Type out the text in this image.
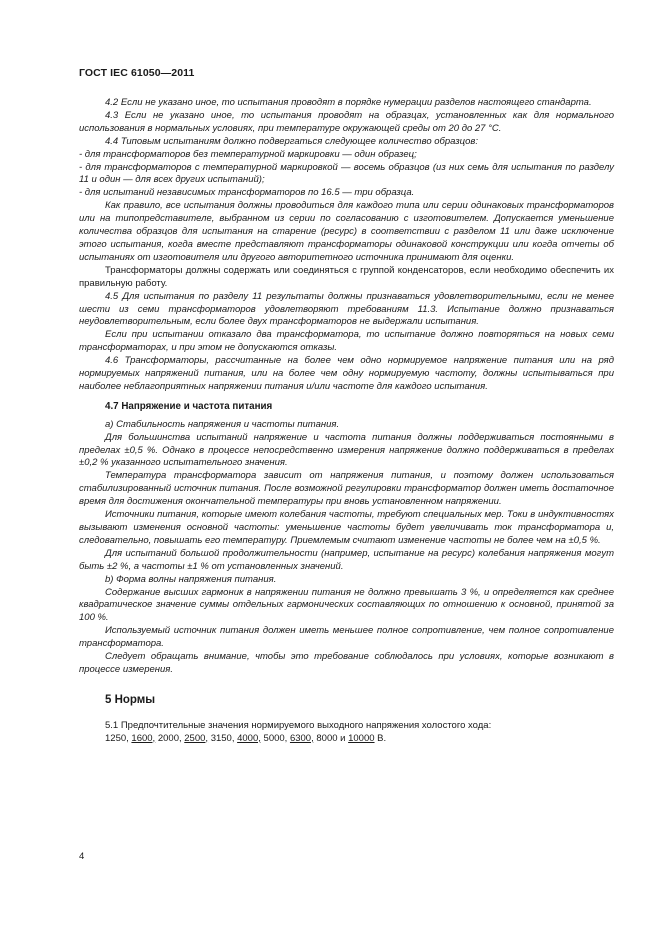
ГОСТ IEC 61050—2011

4.2 Если не указано иное, то испытания проводят в порядке нумерации разделов настоящего стандарта.

4.3 Если не указано иное, то испытания проводят на образцах, установленных как для нормального использования в нормальных условиях, при температуре окружающей среды от 20 до 27 °С.

4.4 Типовым испытаниям должно подвергаться следующее количество образцов:

- для трансформаторов без температурной маркировки — один образец;

- для трансформаторов с температурной маркировкой — восемь образцов (из них семь для испытания по разделу 11 и один — для всех других испытаний);

- для испытаний независимых трансформаторов по 16.5 — три образца.

Как правило, все испытания должны проводиться для каждого типа или серии одинаковых трансформаторов или на типопредставителе, выбранном из серии по согласованию с изготовителем. Допускается уменьшение количества образцов для испытания на старение (ресурс) в соответствии с разделом 11 или даже исключение этого испытания, когда вместе представляют трансформаторы одинаковой конструкции или когда отчеты об испытаниях от изготовителя или другого авторитетного источника принимают для оценки.

Трансформаторы должны содержать или соединяться с группой конденсаторов, если необходимо обеспечить их правильную работу.

4.5 Для испытания по разделу 11 результаты должны признаваться удовлетворительными, если не менее шести из семи трансформаторов удовлетворяют требованиям 11.3. Испытание должно признаваться неудовлетворительным, если более двух трансформаторов не выдержали испытания.

Если при испытании отказало два трансформатора, то испытание должно повторяться на новых семи трансформаторах, и при этом не допускаются отказы.

4.6 Трансформаторы, рассчитанные на более чем одно нормируемое напряжение питания или на ряд нормируемых напряжений питания, или на более чем одну нормируемую частоту, должны испытываться при наиболее неблагоприятных напряжении питания и/или частоте для каждого испытания.

4.7 Напряжение и частота питания

а) Стабильность напряжения и частоты питания.

Для большинства испытаний напряжение и частота питания должны поддерживаться постоянными в пределах ±0,5 %. Однако в процессе непосредственно измерения напряжение должно поддерживаться в пределах ±0,2 % указанного испытательного значения.

Температура трансформатора зависит от напряжения питания, и поэтому должен использоваться стабилизированный источник питания. После возможной регулировки трансформатор должен иметь достаточное время для достижения окончательной температуры при вновь установленном напряжении.

Источники питания, которые имеют колебания частоты, требуют специальных мер. Токи в индуктивностях вызывают изменения основной частоты: уменьшение частоты будет увеличивать ток трансформатора и, следовательно, повышать его температуру. Приемлемым считают изменение частоты не более чем на ±0,5 %.

Для испытаний большой продолжительности (например, испытание на ресурс) колебания напряжения могут быть ±2 %, а частоты ±1 % от установленных значений.

b) Форма волны напряжения питания.

Содержание высших гармоник в напряжении питания не должно превышать 3 %, и определяется как среднее квадратическое значение суммы отдельных гармонических составляющих по отношению к основной, принятой за 100 %.

Используемый источник питания должен иметь меньшее полное сопротивление, чем полное сопротивление трансформатора.

Следует обращать внимание, чтобы это требование соблюдалось при условиях, которые возникают в процессе измерения.

5 Нормы

5.1 Предпочтительные значения нормируемого выходного напряжения холостого хода:

1250, 1600, 2000, 2500, 3150, 4000, 5000, 6300, 8000 и 10000 В.

4
